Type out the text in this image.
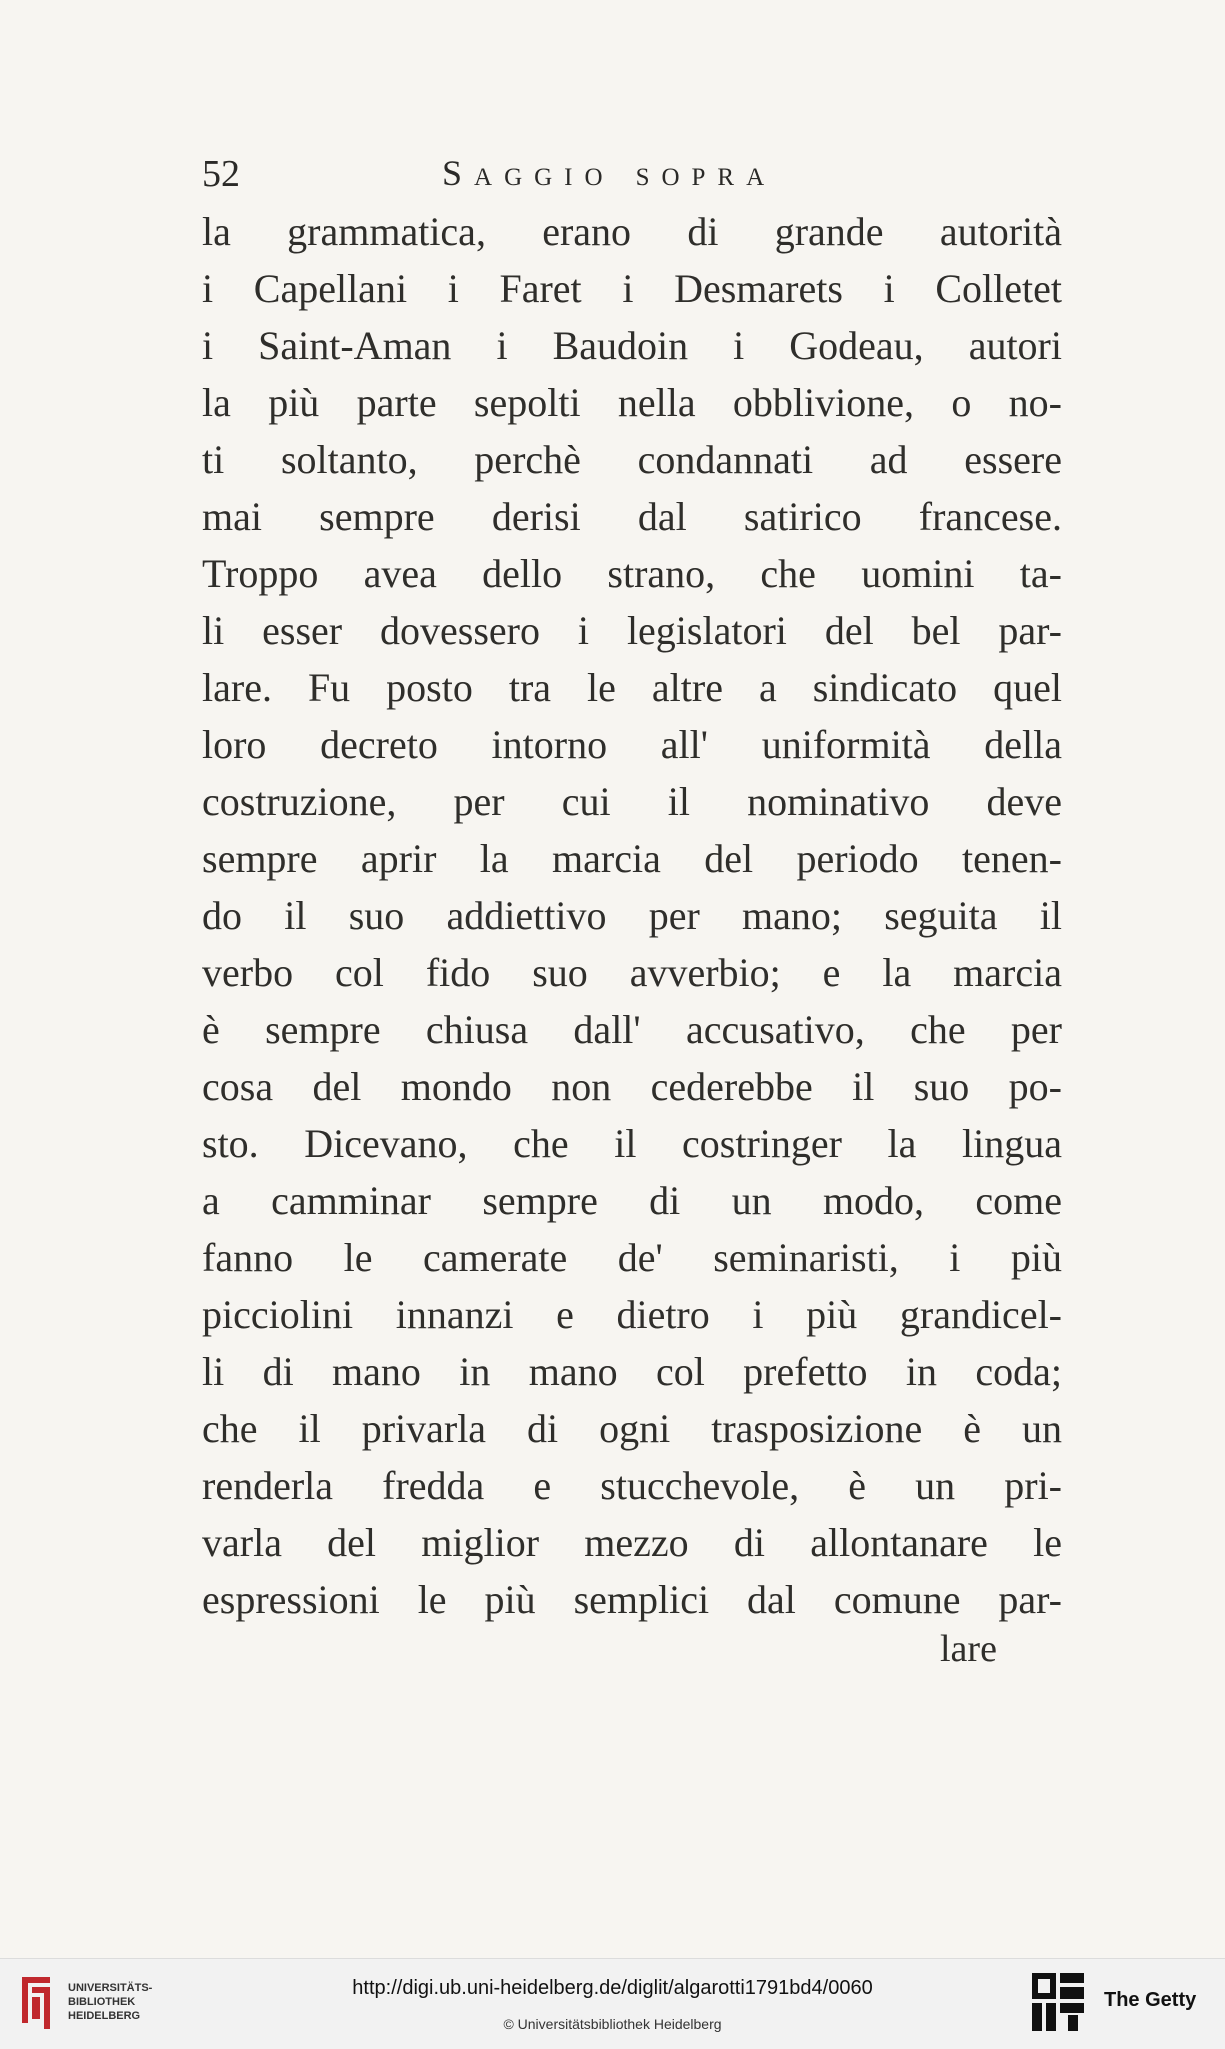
52	Saggio sopra
la grammatica, erano di grande autorità
i Capellani i Faret i Desmarets i Colletet
i Saint-Aman i Baudoin i Godeau, autori
la più parte sepolti nella obblivione, o no-
ti soltanto, perchè condannati ad essere
mai sempre derisi dal satirico francese.
Troppo avea dello strano, che uomini ta-
li esser dovessero i legislatori del bel par-
lare. Fu posto tra le altre a sindicato quel
loro decreto intorno all' uniformità della
costruzione, per cui il nominativo deve
sempre aprir la marcia del periodo tenen-
do il suo addiettivo per mano; seguita il
verbo col fido suo avverbio; e la marcia
è sempre chiusa dall' accusativo, che per
cosa del mondo non cederebbe il suo po-
sto. Dicevano, che il costringer la lingua
a camminar sempre di un modo, come
fanno le camerate de' seminaristi, i più
picciolini innanzi e dietro i più grandicel-
li di mano in mano col prefetto in coda;
che il privarla di ogni trasposizione è un
renderla fredda e stucchevole, è un pri-
varla del miglior mezzo di allontanare le
espressioni le più semplici dal comune par-
lare
UNIVERSITÄTS-
BIBLIOTHEK
HEIDELBERG
http://digi.ub.uni-heidelberg.de/diglit/algarotti1791bd4/0060
© Universitätsbibliothek Heidelberg
The Getty
